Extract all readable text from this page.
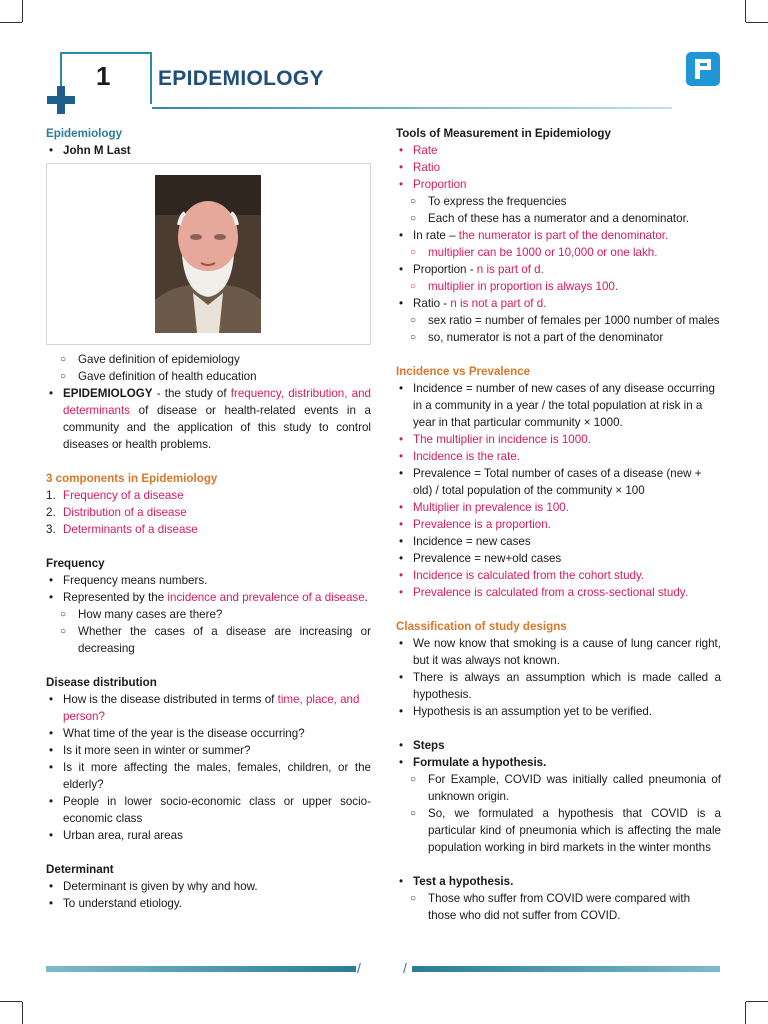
1 EPIDEMIOLOGY

Epidemiology

• John M Last
○ Gave definition of epidemiology
○ Gave definition of health education
• EPIDEMIOLOGY - the study of frequency, distribution, and determinants of disease or health-related events in a community and the application of this study to control diseases or health problems.

3 components in Epidemiology

1. Frequency of a disease
2. Distribution of a disease
3. Determinants of a disease

Frequency

• Frequency means numbers.
• Represented by the incidence and prevalence of a disease.
○ How many cases are there?
○ Whether the cases of a disease are increasing or decreasing

Disease distribution

• How is the disease distributed in terms of time, place, and person?
• What time of the year is the disease occurring?
• Is it more seen in winter or summer?
• Is it more affecting the males, females, children, or the elderly?
• People in lower socio-economic class or upper socio-economic class
• Urban area, rural areas

Determinant

• Determinant is given by why and how.
• To understand etiology.

Tools of Measurement in Epidemiology

• Rate
• Ratio
• Proportion
○ To express the frequencies
○ Each of these has a numerator and a denominator.
• In rate – the numerator is part of the denominator.
○ multiplier can be 1000 or 10,000 or one lakh.
• Proportion - n is part of d.
○ multiplier in proportion is always 100.
• Ratio - n is not a part of d.
○ sex ratio = number of females per 1000 number of males
○ so, numerator is not a part of the denominator

Incidence vs Prevalence

• Incidence = number of new cases of any disease occurring in a community in a year / the total population at risk in a year in that particular community × 1000.
• The multiplier in incidence is 1000.
• Incidence is the rate.
• Prevalence = Total number of cases of a disease (new + old) / total population of the community × 100
• Multiplier in prevalence is 100.
• Prevalence is a proportion.
• Incidence = new cases
• Prevalence = new+old cases
• Incidence is calculated from the cohort study.
• Prevalence is calculated from a cross-sectional study.

Classification of study designs

• We now know that smoking is a cause of lung cancer right, but it was always not known.
• There is always an assumption which is made called a hypothesis.
• Hypothesis is an assumption yet to be verified.
• Steps
• Formulate a hypothesis.
○ For Example, COVID was initially called pneumonia of unknown origin.
○ So, we formulated a hypothesis that COVID is a particular kind of pneumonia which is affecting the male population working in bird markets in the winter months
• Test a hypothesis.
○ Those who suffer from COVID were compared with those who did not suffer from COVID.
/	/
